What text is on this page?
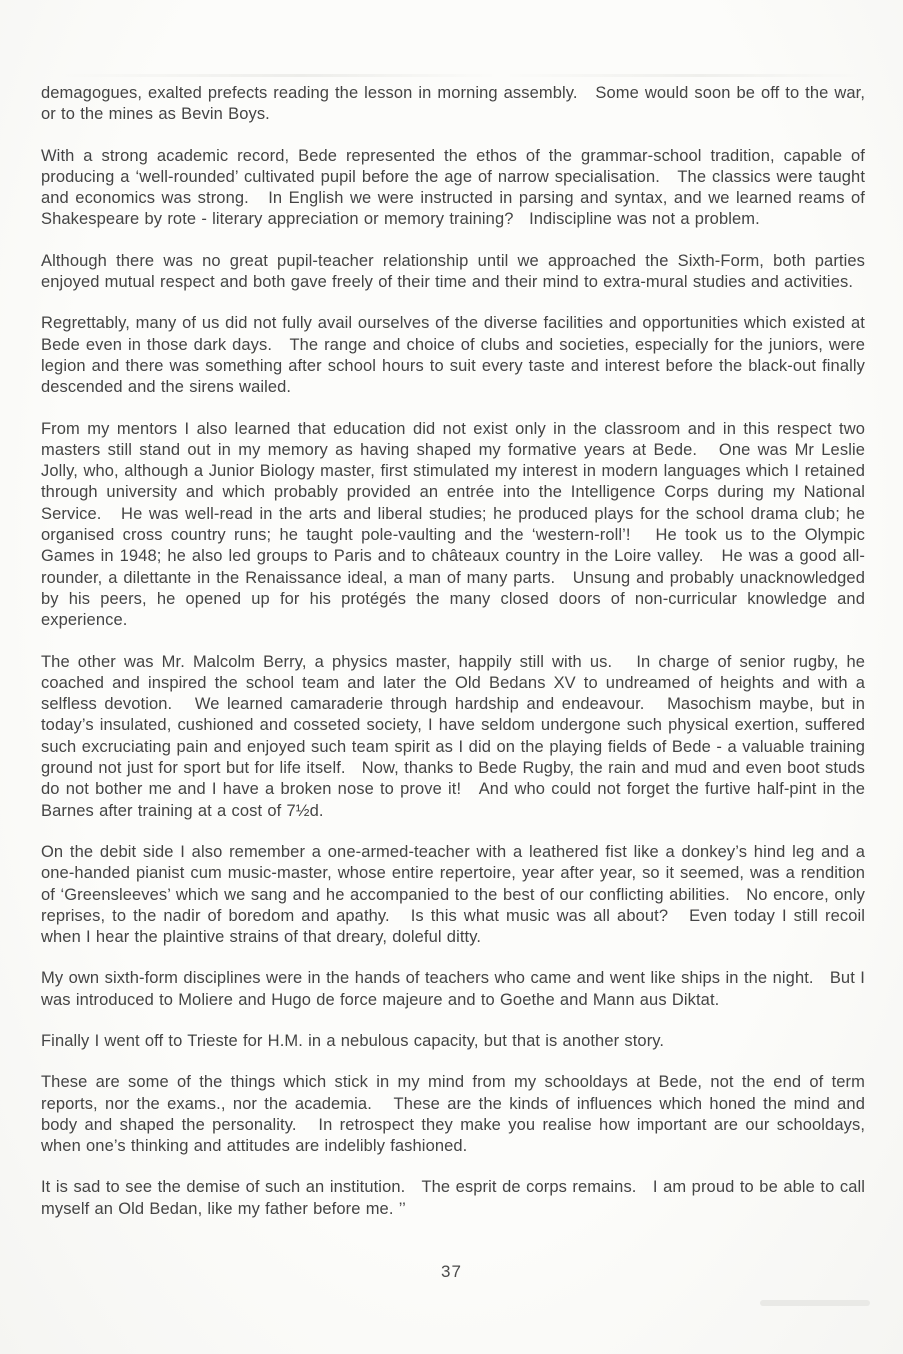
demagogues, exalted prefects reading the lesson in morning assembly.   Some would soon be off to the war, or to the mines as Bevin Boys.

With a strong academic record, Bede represented the ethos of the grammar-school tradition, capable of producing a ‘well-rounded’ cultivated pupil before the age of narrow specialisation.   The classics were taught and economics was strong.   In English we were instructed in parsing and syntax, and we learned reams of Shakespeare by rote - literary appreciation or memory training?   Indiscipline was not a problem.

Although there was no great pupil-teacher relationship until we approached the Sixth-Form, both parties enjoyed mutual respect and both gave freely of their time and their mind to extra-mural studies and activities.

Regrettably, many of us did not fully avail ourselves of the diverse facilities and opportunities which existed at Bede even in those dark days.   The range and choice of clubs and societies, especially for the juniors, were legion and there was something after school hours to suit every taste and interest before the black-out finally descended and the sirens wailed.

From my mentors I also learned that education did not exist only in the classroom and in this respect two masters still stand out in my memory as having shaped my formative years at Bede.   One was Mr Leslie Jolly, who, although a Junior Biology master, first stimulated my interest in modern languages which I retained through university and which probably provided an entrée into the Intelligence Corps during my National Service.   He was well-read in the arts and liberal studies; he produced plays for the school drama club; he organised cross country runs; he taught pole-vaulting and the ‘western-roll’!   He took us to the Olympic Games in 1948; he also led groups to Paris and to châteaux country in the Loire valley.   He was a good all-rounder, a dilettante in the Renaissance ideal, a man of many parts.   Unsung and probably unacknowledged by his peers, he opened up for his protégés the many closed doors of non-curricular knowledge and experience.

The other was Mr. Malcolm Berry, a physics master, happily still with us.   In charge of senior rugby, he coached and inspired the school team and later the Old Bedans XV to undreamed of heights and with a selfless devotion.   We learned camaraderie through hardship and endeavour.   Masochism maybe, but in today’s insulated, cushioned and cosseted society, I have seldom undergone such physical exertion, suffered such excruciating pain and enjoyed such team spirit as I did on the playing fields of Bede - a valuable training ground not just for sport but for life itself.   Now, thanks to Bede Rugby, the rain and mud and even boot studs do not bother me and I have a broken nose to prove it!   And who could not forget the furtive half-pint in the Barnes after training at a cost of 7½d.

On the debit side I also remember a one-armed-teacher with a leathered fist like a donkey’s hind leg and a one-handed pianist cum music-master, whose entire repertoire, year after year, so it seemed, was a rendition of ‘Greensleeves’ which we sang and he accompanied to the best of our conflicting abilities.   No encore, only reprises, to the nadir of boredom and apathy.   Is this what music was all about?   Even today I still recoil when I hear the plaintive strains of that dreary, doleful ditty.

My own sixth-form disciplines were in the hands of teachers who came and went like ships in the night.   But I was introduced to Moliere and Hugo de force majeure and to Goethe and Mann aus Diktat.

Finally I went off to Trieste for H.M. in a nebulous capacity, but that is another story.

These are some of the things which stick in my mind from my schooldays at Bede, not the end of term reports, nor the exams., nor the academia.   These are the kinds of influences which honed the mind and body and shaped the personality.   In retrospect they make you realise how important are our schooldays, when one’s thinking and attitudes are indelibly fashioned.

It is sad to see the demise of such an institution.   The esprit de corps remains.   I am proud to be able to call myself an Old Bedan, like my father before me. ’’

37
